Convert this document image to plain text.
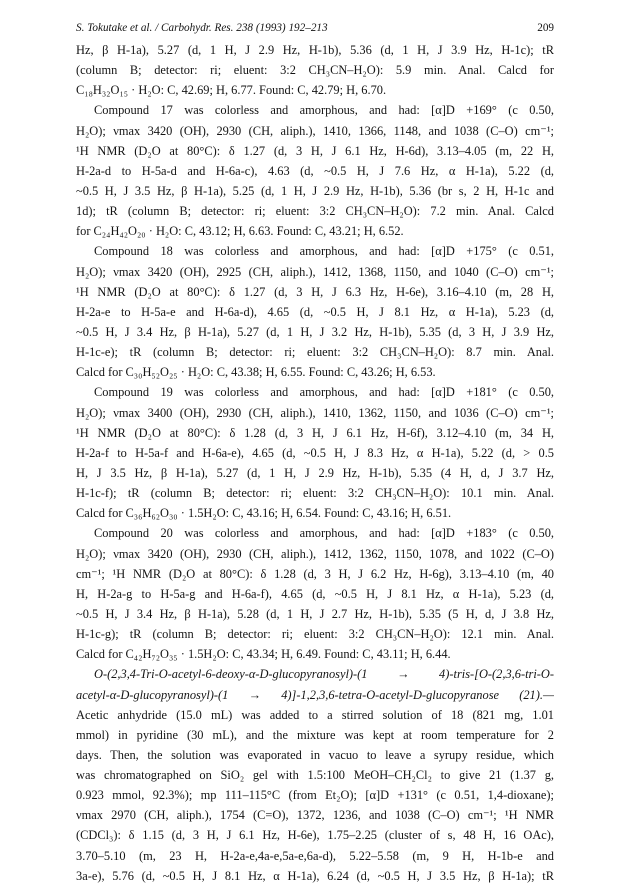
S. Tokutake et al. / Carbohydr. Res. 238 (1993) 192–213	209
Hz, β H-1a), 5.27 (d, 1 H, J 2.9 Hz, H-1b), 5.36 (d, 1 H, J 3.9 Hz, H-1c); tR
(column B; detector: ri; eluent: 3:2 CH₃CN–H₂O): 5.9 min. Anal. Calcd for
C₁₈H₃₂O₁₅ · H₂O: C, 42.69; H, 6.77. Found: C, 42.79; H, 6.70.
Compound 17 was colorless and amorphous, and had: [α]D +169° (c 0.50,
H₂O); νmax 3420 (OH), 2930 (CH, aliph.), 1410, 1366, 1148, and 1038 (C–O) cm⁻¹;
¹H NMR (D₂O at 80°C): δ 1.27 (d, 3 H, J 6.1 Hz, H-6d), 3.13–4.05 (m, 22 H,
H-2a-d to H-5a-d and H-6a-c), 4.63 (d, ~0.5 H, J 7.6 Hz, α H-1a), 5.22 (d,
~0.5 H, J 3.5 Hz, β H-1a), 5.25 (d, 1 H, J 2.9 Hz, H-1b), 5.36 (br s, 2 H, H-1c and
1d); tR (column B; detector: ri; eluent: 3:2 CH₃CN–H₂O): 7.2 min. Anal. Calcd
for C₂₄H₄₂O₂₀ · H₂O: C, 43.12; H, 6.63. Found: C, 43.21; H, 6.52.
Compound 18 was colorless and amorphous, and had: [α]D +175° (c 0.51,
H₂O); νmax 3420 (OH), 2925 (CH, aliph.), 1412, 1368, 1150, and 1040 (C–O) cm⁻¹;
¹H NMR (D₂O at 80°C): δ 1.27 (d, 3 H, J 6.3 Hz, H-6e), 3.16–4.10 (m, 28 H,
H-2a-e to H-5a-e and H-6a-d), 4.65 (d, ~0.5 H, J 8.1 Hz, α H-1a), 5.23 (d,
~0.5 H, J 3.4 Hz, β H-1a), 5.27 (d, 1 H, J 3.2 Hz, H-1b), 5.35 (d, 3 H, J 3.9 Hz,
H-1c-e); tR (column B; detector: ri; eluent: 3:2 CH₃CN–H₂O): 8.7 min. Anal.
Calcd for C₃₀H₅₂O₂₅ · H₂O: C, 43.38; H, 6.55. Found: C, 43.26; H, 6.53.
Compound 19 was colorless and amorphous, and had: [α]D +181° (c 0.50,
H₂O); νmax 3400 (OH), 2930 (CH, aliph.), 1410, 1362, 1150, and 1036 (C–O) cm⁻¹;
¹H NMR (D₂O at 80°C): δ 1.28 (d, 3 H, J 6.1 Hz, H-6f), 3.12–4.10 (m, 34 H,
H-2a-f to H-5a-f and H-6a-e), 4.65 (d, ~0.5 H, J 8.3 Hz, α H-1a), 5.22 (d, > 0.5
H, J 3.5 Hz, β H-1a), 5.27 (d, 1 H, J 2.9 Hz, H-1b), 5.35 (4 H, d, J 3.7 Hz,
H-1c-f); tR (column B; detector: ri; eluent: 3:2 CH₃CN–H₂O): 10.1 min. Anal.
Calcd for C₃₆H₆₂O₃₀ · 1.5H₂O: C, 43.16; H, 6.54. Found: C, 43.16; H, 6.51.
Compound 20 was colorless and amorphous, and had: [α]D +183° (c 0.50,
H₂O); νmax 3420 (OH), 2930 (CH, aliph.), 1412, 1362, 1150, 1078, and 1022 (C–O)
cm⁻¹; ¹H NMR (D₂O at 80°C): δ 1.28 (d, 3 H, J 6.2 Hz, H-6g), 3.13–4.10 (m, 40
H, H-2a-g to H-5a-g and H-6a-f), 4.65 (d, ~0.5 H, J 8.1 Hz, α H-1a), 5.23 (d,
~0.5 H, J 3.4 Hz, β H-1a), 5.28 (d, 1 H, J 2.7 Hz, H-1b), 5.35 (5 H, d, J 3.8 Hz,
H-1c-g); tR (column B; detector: ri; eluent: 3:2 CH₃CN–H₂O): 12.1 min. Anal.
Calcd for C₄₂H₇₂O₃₅ · 1.5H₂O: C, 43.34; H, 6.49. Found: C, 43.11; H, 6.44.
O-(2,3,4-Tri-O-acetyl-6-deoxy-α-D-glucopyranosyl)-(1 → 4)-tris-[O-(2,3,6-tri-O-
acetyl-α-D-glucopyranosyl)-(1 → 4)]-1,2,3,6-tetra-O-acetyl-D-glucopyranose (21).—
Acetic anhydride (15.0 mL) was added to a stirred solution of 18 (821 mg, 1.01
mmol) in pyridine (30 mL), and the mixture was kept at room temperature for 2
days. Then, the solution was evaporated in vacuo to leave a syrupy residue, which
was chromatographed on SiO₂ gel with 1.5:100 MeOH–CH₂Cl₂ to give 21 (1.37 g,
0.923 mmol, 92.3%); mp 111–115°C (from Et₂O); [α]D +131° (c 0.51, 1,4-dioxane);
νmax 2970 (CH, aliph.), 1754 (C=O), 1372, 1236, and 1038 (C–O) cm⁻¹; ¹H NMR
(CDCl₃): δ 1.15 (d, 3 H, J 6.1 Hz, H-6e), 1.75–2.25 (cluster of s, 48 H, 16 OAc),
3.70–5.10 (m, 23 H, H-2a-e,4a-e,5a-e,6a-d), 5.22–5.58 (m, 9 H, H-1b-e and
3a-e), 5.76 (d, ~0.5 H, J 8.1 Hz, α H-1a), 6.24 (d, ~0.5 H, J 3.5 Hz, β H-1a); tR
